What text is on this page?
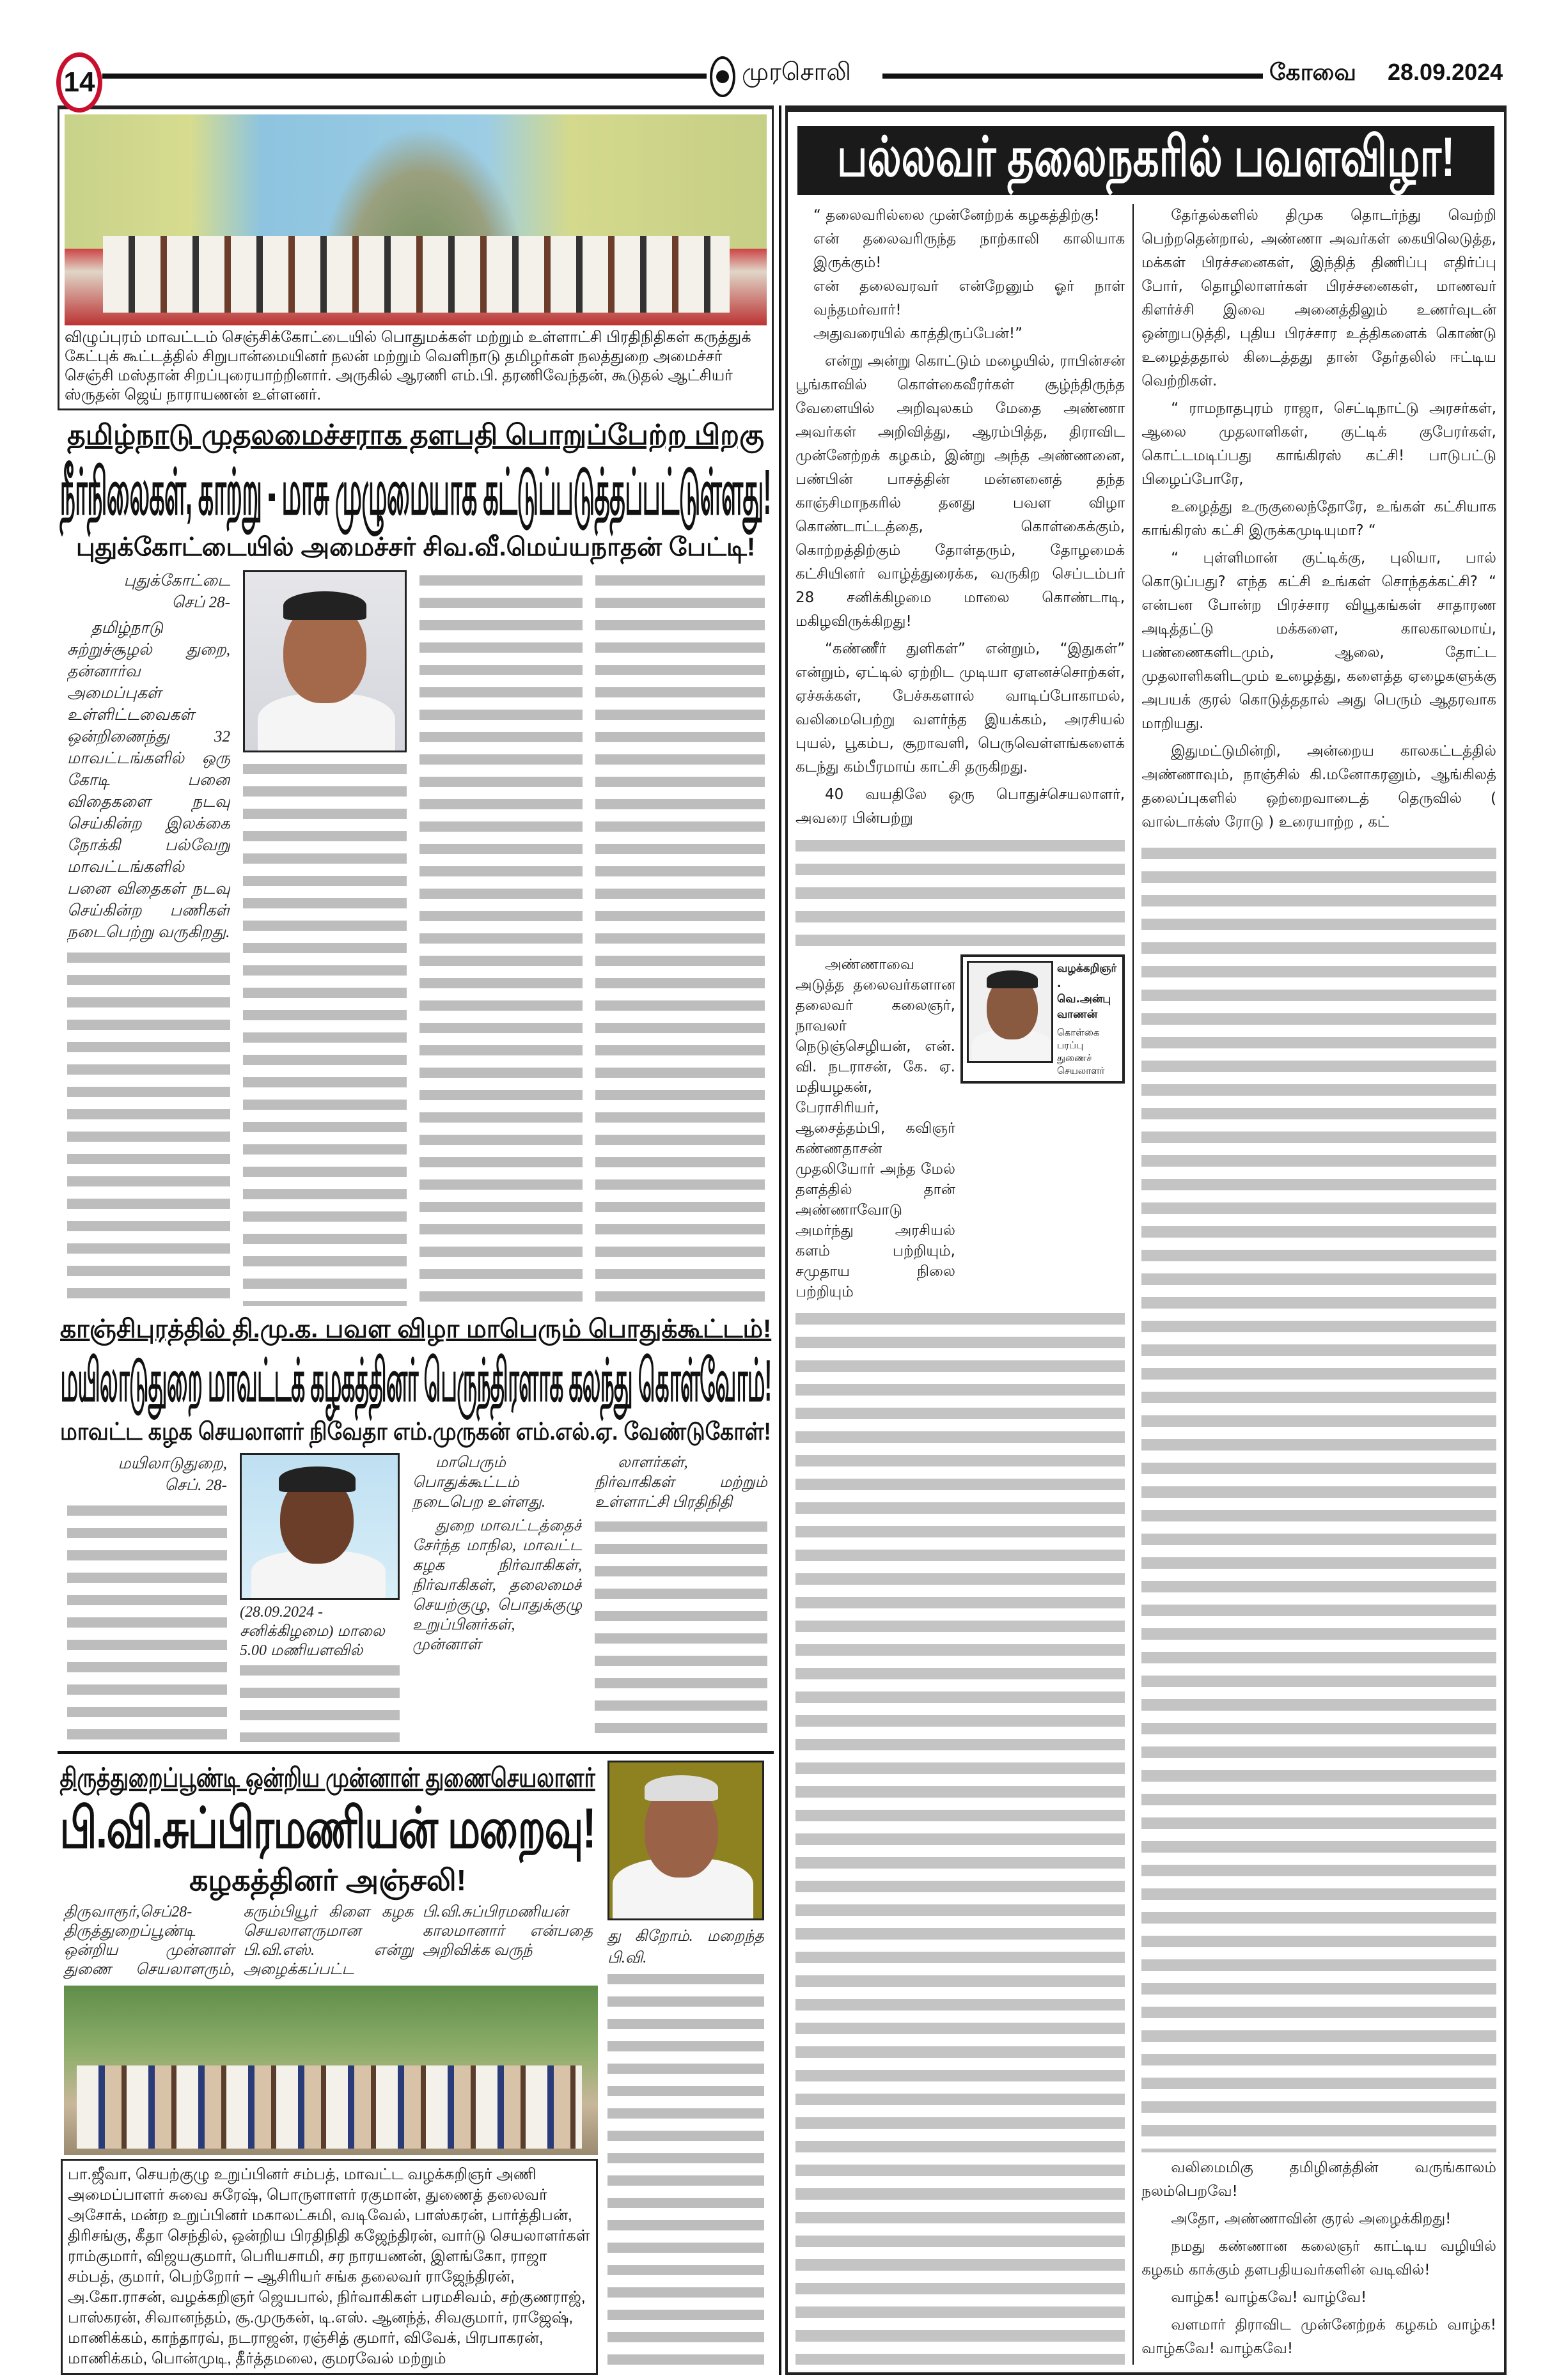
14	முரசொலி	கோவை 28.09.2024
விழுப்புரம் மாவட்டம் செஞ்சிக்கோட்டையில் பொதுமக்கள் மற்றும் உள்ளாட்சி பிரதிநிதிகள் கருத்துக் கேட்புக் கூட்டத்தில் சிறுபான்மையினர் நலன் மற்றும் வெளிநாடு தமிழர்கள் நலத்துறை அமைச்சர் செஞ்சி மஸ்தான் சிறப்புரையாற்றினார். அருகில் ஆரணி எம்.பி. தரணிவேந்தன், கூடுதல் ஆட்சியர் ஸ்ருதன் ஜெய் நாராயணன் உள்ளனர்.
தமிழ்நாடு முதலமைச்சராக தளபதி பொறுப்பேற்ற பிறகு
நீர்நிலைகள், காற்று - மாசு முழுமையாக கட்டுப்படுத்தப்பட்டுள்ளது!
புதுக்கோட்டையில் அமைச்சர் சிவ.வீ.மெய்யநாதன் பேட்டி!

புதுக்கோட்டை செப் 28-

தமிழ்நாடு சுற்றுச்சூழல் துறை, தன்னார்வ அமைப்புகள் உள்ளிட்டவைகள் ஒன்றிணைந்து 32 மாவட்டங்களில் ஒரு கோடி பனை விதைகளை நடவு செய்கின்ற இலக்கை நோக்கி பல்வேறு மாவட்டங்களில் பனை விதைகள் நடவு செய்கின்ற பணிகள் நடைபெற்று வருகிறது.

காஞ்சிபுரத்தில் தி.மு.க. பவள விழா மாபெரும் பொதுக்கூட்டம்!
மயிலாடுதுறை மாவட்டக் கழகத்தினர் பெருந்திரளாக கலந்து கொள்வோம்!
மாவட்ட கழக செயலாளர் நிவேதா எம்.முருகன் எம்.எல்.ஏ. வேண்டுகோள்!

மயிலாடுதுறை, செப். 28-

(28.09.2024 - சனிக்கிழமை) மாலை 5.00 மணியளவில்

மாபெரும் பொதுக்கூட்டம் நடைபெற உள்ளது.

துறை மாவட்டத்தைச் சேர்ந்த மாநில, மாவட்ட கழக நிர்வாகிகள், நிர்வாகிகள், தலைமைச் செயற்குழு, பொதுக்குழு உறுப்பினர்கள், முன்னாள்

லாளர்கள், நிர்வாகிகள் மற்றும் உள்ளாட்சி பிரதிநிதி

திருத்துறைப்பூண்டி ஒன்றிய முன்னாள் துணைசெயலாளர்
பி.வி.சுப்பிரமணியன் மறைவு!
கழகத்தினர் அஞ்சலி!
திருவாரூர்,செப்28- திருத்துறைப்பூண்டி ஒன்றிய முன்னாள் துணை செயலாளரும், கரும்பியூர் கிளை கழக செயலாளருமான பி.வி.எஸ். என்று அழைக்கப்பட்ட பி.வி.சுப்பிரமணியன் காலமானார் என்பதை அறிவிக்க வருந்
பா.ஜீவா, செயற்குழு உறுப்பினர் சம்பத், மாவட்ட வழக்கறிஞர் அணி அமைப்பாளர் சுவை சுரேஷ், பொருளாளர் ரகுமான், துணைத் தலைவர் அசோக், மன்ற உறுப்பினர் மகாலட்சுமி, வடிவேல், பாஸ்கரன், பார்த்திபன், திரிசங்கு, கீதா செந்தில், ஒன்றிய பிரதிநிதி கஜேந்திரன், வார்டு செயலாளர்கள் ராம்குமார், விஜயகுமார், பெரியசாமி, சர நாரயணன், இளங்கோ, ராஜா சம்பத், குமார், பெற்றோர் – ஆசிரியர் சங்க தலைவர் ராஜேந்திரன், அ.கோ.ராசன், வழக்கறிஞர் ஜெயபால், நிர்வாகிகள் பரமசிவம், சற்குணராஜ், பாஸ்கரன், சிவானந்தம், சூ.முருகன், டி.எஸ். ஆனந்த், சிவகுமார், ராஜேஷ், மாணிக்கம், காந்தாரவ், நடராஜன், ரஞ்சித் குமார், விவேக், பிரபாகரன், மாணிக்கம், பொன்முடி, தீர்த்தமலை, குமரவேல் மற்றும்
து கிறோம். மறைந்த பி.வி.
பல்லவர் தலைநகரில் பவளவிழா!
“ தலைவரில்லை முன்னேற்றக் கழகத்திற்கு!
என் தலைவரிருந்த நாற்காலி காலியாக இருக்கும்!
என் தலைவரவர் என்றேனும் ஓர் நாள் வந்தமர்வார்!
அதுவரையில் காத்திருப்பேன்!”

என்று அன்று கொட்டும் மழையில், ராபின்சன் பூங்காவில் கொள்கைவீரர்கள் சூழ்ந்திருந்த வேளையில் அறிவுலகம் மேதை அண்ணா அவர்கள் அறிவித்து, ஆரம்பித்த, திராவிட முன்னேற்றக் கழகம், இன்று அந்த அண்ணனை, பண்பின் பாசத்தின் மன்னனைத் தந்த காஞ்சிமாநகரில் தனது பவள விழா கொண்டாட்டத்தை, கொள்கைக்கும், கொற்றத்திற்கும் தோள்தரும், தோழமைக் கட்சியினர் வாழ்த்துரைக்க, வருகிற செப்டம்பர் 28 சனிக்கிழமை மாலை கொண்டாடி, மகிழவிருக்கிறது!

“கண்ணீர் துளிகள்” என்றும், “இதுகள்” என்றும், ஏட்டில் ஏற்றிட முடியா ஏளனச்சொற்கள், ஏச்சுக்கள், பேச்சுகளால் வாடிப்போகாமல், வலிமைபெற்று வளர்ந்த இயக்கம், அரசியல் புயல், பூகம்ப, சூறாவளி, பெருவெள்ளங்களைக் கடந்து கம்பீரமாய் காட்சி தருகிறது.

40 வயதிலே ஒரு பொதுச்செயலாளர், அவரை பின்பற்று

அண்ணாவை அடுத்த தலைவர்களான தலைவர் கலைஞர், நாவலர் நெடுஞ்செழியன், என். வி. நடராசன், கே. ஏ. மதியழகன், பேராசிரியர், ஆசைத்தம்பி, கவிஞர் கண்ணதாசன் முதலியோர் அந்த மேல் தளத்தில் தான் அண்ணாவோடு அமர்ந்து அரசியல் களம் பற்றியும், சமுதாய நிலை பற்றியும்
வழக்கறிஞர். வெ.அன்புவாணன்
கொள்கை பரப்பு துணைச் செயலாளர்

தேர்தல்களில் திமுக தொடர்ந்து வெற்றி பெற்றதென்றால், அண்ணா அவர்கள் கையிலெடுத்த, மக்கள் பிரச்சனைகள், இந்தித் திணிப்பு எதிர்ப்பு போர், தொழிலாளர்கள் பிரச்சனைகள், மாணவர் கிளர்ச்சி இவை அனைத்திலும் உணர்வுடன் ஒன்றுபடுத்தி, புதிய பிரச்சார உத்திகளைக் கொண்டு உழைத்ததால் கிடைத்தது தான் தேர்தலில் ஈட்டிய வெற்றிகள்.

“ ராமநாதபுரம் ராஜா, செட்டிநாட்டு அரசர்கள், ஆலை முதலாளிகள், குட்டிக் குபேரர்கள், கொட்டமடிப்பது காங்கிரஸ் கட்சி! பாடுபட்டு பிழைப்போரே,

உழைத்து உருகுலைந்தோரே, உங்கள் கட்சியாக காங்கிரஸ் கட்சி இருக்கமுடியுமா? “

“ புள்ளிமான் குட்டிக்கு, புலியா, பால் கொடுப்பது? எந்த கட்சி உங்கள் சொந்தக்கட்சி? “ என்பன போன்ற பிரச்சார வியூகங்கள் சாதாரண அடித்தட்டு மக்களை, காலகாலமாய், பண்ணைகளிடமும், ஆலை, தோட்ட முதலாளிகளிடமும் உழைத்து, களைத்த ஏழைகளுக்கு அபயக் குரல் கொடுத்ததால் அது பெரும் ஆதரவாக மாறியது.

இதுமட்டுமின்றி, அன்றைய காலகட்டத்தில் அண்ணாவும், நாஞ்சில் கி.மனோகரனும், ஆங்கிலத் தலைப்புகளில் ஒற்றைவாடைத் தெருவில் ( வால்டாக்ஸ் ரோடு ) உரையாற்ற , கட்

வலிமைமிகு தமிழினத்தின் வருங்காலம் நலம்பெறவே!

அதோ, அண்ணாவின் குரல் அழைக்கிறது!

நமது கண்ணான கலைஞர் காட்டிய வழியில் கழகம் காக்கும் தளபதியவர்களின் வடிவில்!

வாழ்க! வாழ்கவே! வாழ்வே!

வளமார் திராவிட முன்னேற்றக் கழகம் வாழ்க! வாழ்கவே! வாழ்கவே!
